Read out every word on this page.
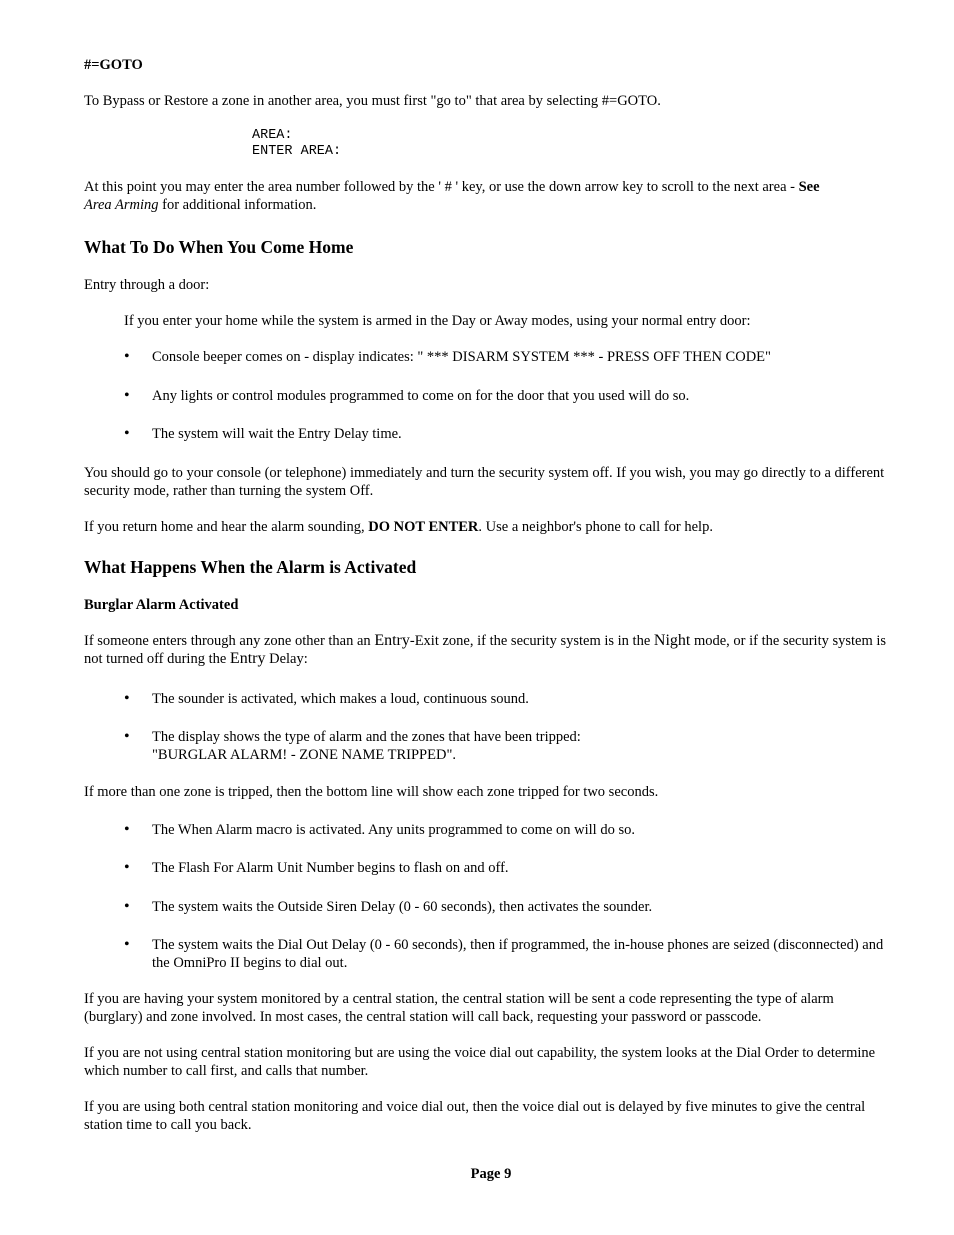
#=GOTO

To Bypass or Restore a zone in another area, you must first "go to" that area by selecting #=GOTO.

AREA:
ENTER AREA:

At this point you may enter the area number followed by the ' # ' key, or use the down arrow key to scroll to the next area - See
Area Arming for additional information.

What To Do When You Come Home

Entry through a door:

If you enter your home while the system is armed in the Day or Away modes, using your normal entry door:

• Console beeper comes on - display indicates: " *** DISARM SYSTEM *** - PRESS OFF THEN CODE"
• Any lights or control modules programmed to come on for the door that you used will do so.
• The system will wait the Entry Delay time.

You should go to your console (or telephone) immediately and turn the security system off. If you wish, you may go directly to a different security mode, rather than turning the system Off.

If you return home and hear the alarm sounding, DO NOT ENTER. Use a neighbor's phone to call for help.

What Happens When the Alarm is Activated

Burglar Alarm Activated

If someone enters through any zone other than an Entry-Exit zone, if the security system is in the Night mode, or if the security system is not turned off during the Entry Delay:

• The sounder is activated, which makes a loud, continuous sound.
• The display shows the type of alarm and the zones that have been tripped:
"BURGLAR ALARM! - ZONE NAME TRIPPED".

If more than one zone is tripped, then the bottom line will show each zone tripped for two seconds.

• The When Alarm macro is activated. Any units programmed to come on will do so.
• The Flash For Alarm Unit Number begins to flash on and off.
• The system waits the Outside Siren Delay (0 - 60 seconds), then activates the sounder.
• The system waits the Dial Out Delay (0 - 60 seconds), then if programmed, the in-house phones are seized (disconnected) and the OmniPro II begins to dial out.

If you are having your system monitored by a central station, the central station will be sent a code representing the type of alarm (burglary) and zone involved. In most cases, the central station will call back, requesting your password or passcode.

If you are not using central station monitoring but are using the voice dial out capability, the system looks at the Dial Order to determine which number to call first, and calls that number.

If you are using both central station monitoring and voice dial out, then the voice dial out is delayed by five minutes to give the central station time to call you back.

Page 9
